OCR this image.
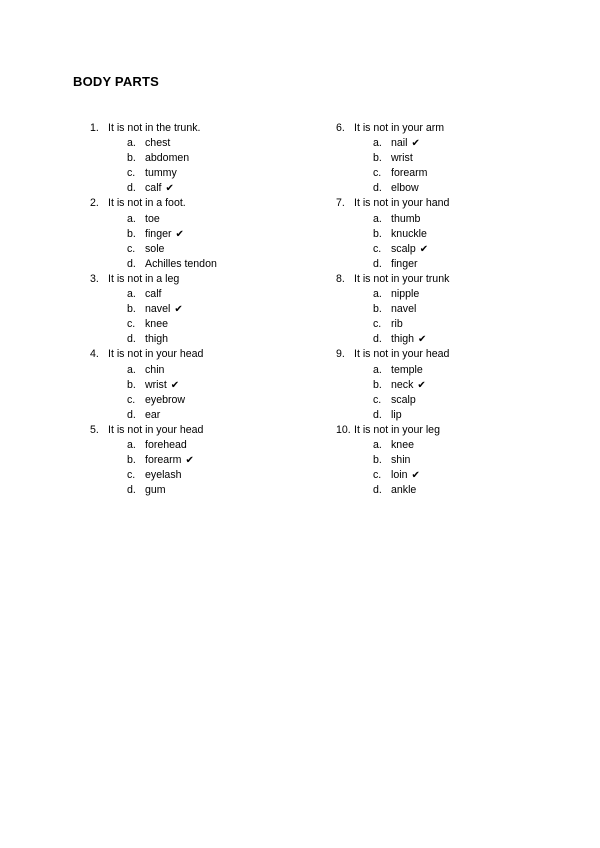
BODY PARTS
1. It is not in the trunk.
a. chest
b. abdomen
c. tummy
d. calf ✔
2. It is not in a foot.
a. toe
b. finger ✔
c. sole
d. Achilles tendon
3. It is not in a leg
a. calf
b. navel ✔
c. knee
d. thigh
4. It is not in your head
a. chin
b. wrist ✔
c. eyebrow
d. ear
5. It is not in your head
a. forehead
b. forearm ✔
c. eyelash
d. gum
6. It is not in your arm
a. nail ✔
b. wrist
c. forearm
d. elbow
7. It is not in your hand
a. thumb
b. knuckle
c. scalp ✔
d. finger
8. It is not in your trunk
a. nipple
b. navel
c. rib
d. thigh ✔
9. It is not in your head
a. temple
b. neck ✔
c. scalp
d. lip
10. It is not in your leg
a. knee
b. shin
c. loin ✔
d. ankle
